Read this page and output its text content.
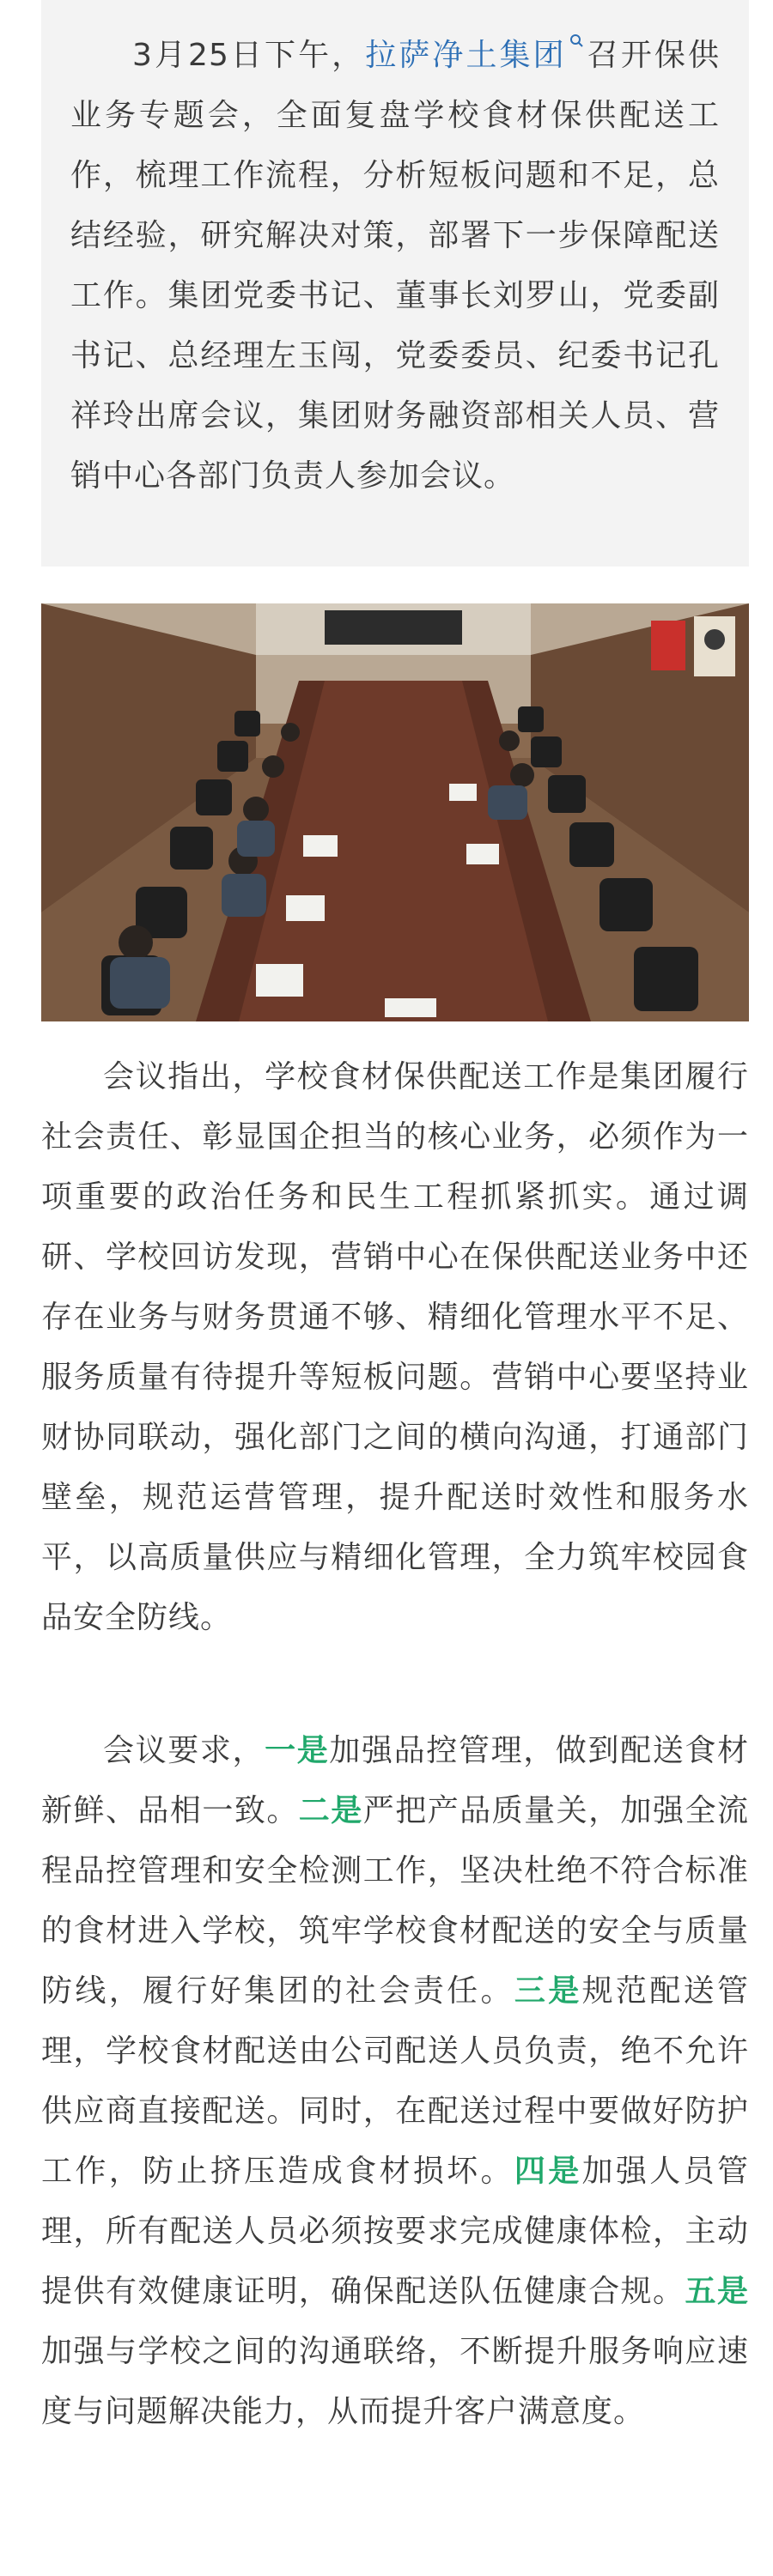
3月25日下午，拉萨净土集团 召开保供业务专题会，全面复盘学校食材保供配送工作，梳理工作流程，分析短板问题和不足，总结经验，研究解决对策，部署下一步保障配送工作。集团党委书记、董事长刘罗山，党委副书记、总经理左玉闯，党委委员、纪委书记孔祥玲出席会议，集团财务融资部相关人员、营销中心各部门负责人参加会议。

会议指出，学校食材保供配送工作是集团履行社会责任、彰显国企担当的核心业务，必须作为一项重要的政治任务和民生工程抓紧抓实。通过调研、学校回访发现，营销中心在保供配送业务中还存在业务与财务贯通不够、精细化管理水平不足、服务质量有待提升等短板问题。营销中心要坚持业财协同联动，强化部门之间的横向沟通，打通部门壁垒，规范运营管理，提升配送时效性和服务水平，以高质量供应与精细化管理，全力筑牢校园食品安全防线。

会议要求，一是加强品控管理，做到配送食材新鲜、品相一致。二是严把产品质量关，加强全流程品控管理和安全检测工作，坚决杜绝不符合标准的食材进入学校，筑牢学校食材配送的安全与质量防线，履行好集团的社会责任。三是规范配送管理，学校食材配送由公司配送人员负责，绝不允许供应商直接配送。同时，在配送过程中要做好防护工作，防止挤压造成食材损坏。四是加强人员管理，所有配送人员必须按要求完成健康体检，主动提供有效健康证明，确保配送队伍健康合规。五是加强与学校之间的沟通联络，不断提升服务响应速度与问题解决能力，从而提升客户满意度。
